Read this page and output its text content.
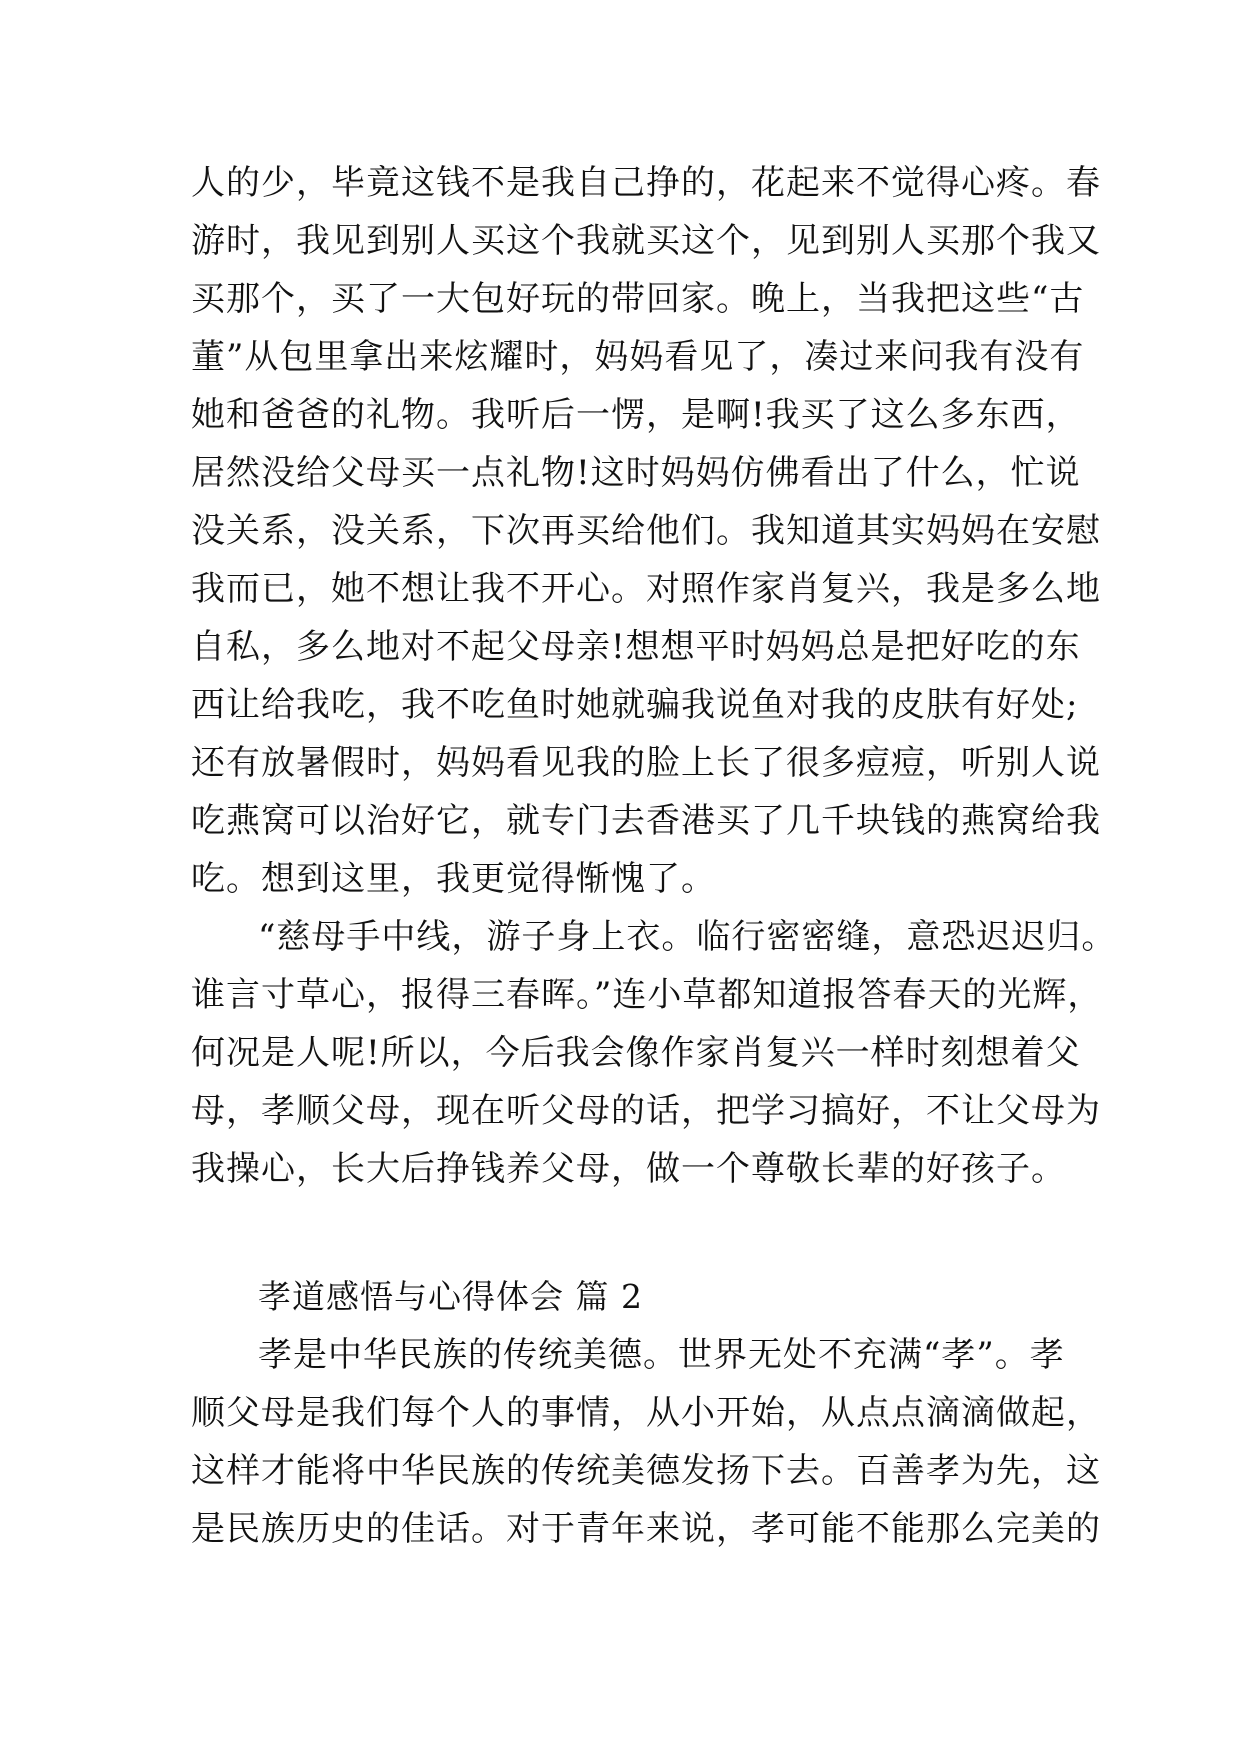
人的少，毕竟这钱不是我自己挣的，花起来不觉得心疼。春
游时，我见到别人买这个我就买这个，见到别人买那个我又
买那个，买了一大包好玩的带回家。晚上，当我把这些“古
董”从包里拿出来炫耀时，妈妈看见了，凑过来问我有没有
她和爸爸的礼物。我听后一愣，是啊!我买了这么多东西，
居然没给父母买一点礼物!这时妈妈仿佛看出了什么，忙说
没关系，没关系，下次再买给他们。我知道其实妈妈在安慰
我而已，她不想让我不开心。对照作家肖复兴，我是多么地
自私，多么地对不起父母亲!想想平时妈妈总是把好吃的东
西让给我吃，我不吃鱼时她就骗我说鱼对我的皮肤有好处;
还有放暑假时，妈妈看见我的脸上长了很多痘痘，听别人说
吃燕窝可以治好它，就专门去香港买了几千块钱的燕窝给我
吃。想到这里，我更觉得惭愧了。
“慈母手中线，游子身上衣。临行密密缝，意恐迟迟归。
谁言寸草心，报得三春晖。”连小草都知道报答春天的光辉，
何况是人呢!所以，今后我会像作家肖复兴一样时刻想着父
母，孝顺父母，现在听父母的话，把学习搞好，不让父母为
我操心，长大后挣钱养父母，做一个尊敬长辈的好孩子。
孝道感悟与心得体会 篇 2
孝是中华民族的传统美德。世界无处不充满“孝”。孝
顺父母是我们每个人的事情，从小开始，从点点滴滴做起，
这样才能将中华民族的传统美德发扬下去。百善孝为先，这
是民族历史的佳话。对于青年来说，孝可能不能那么完美的
